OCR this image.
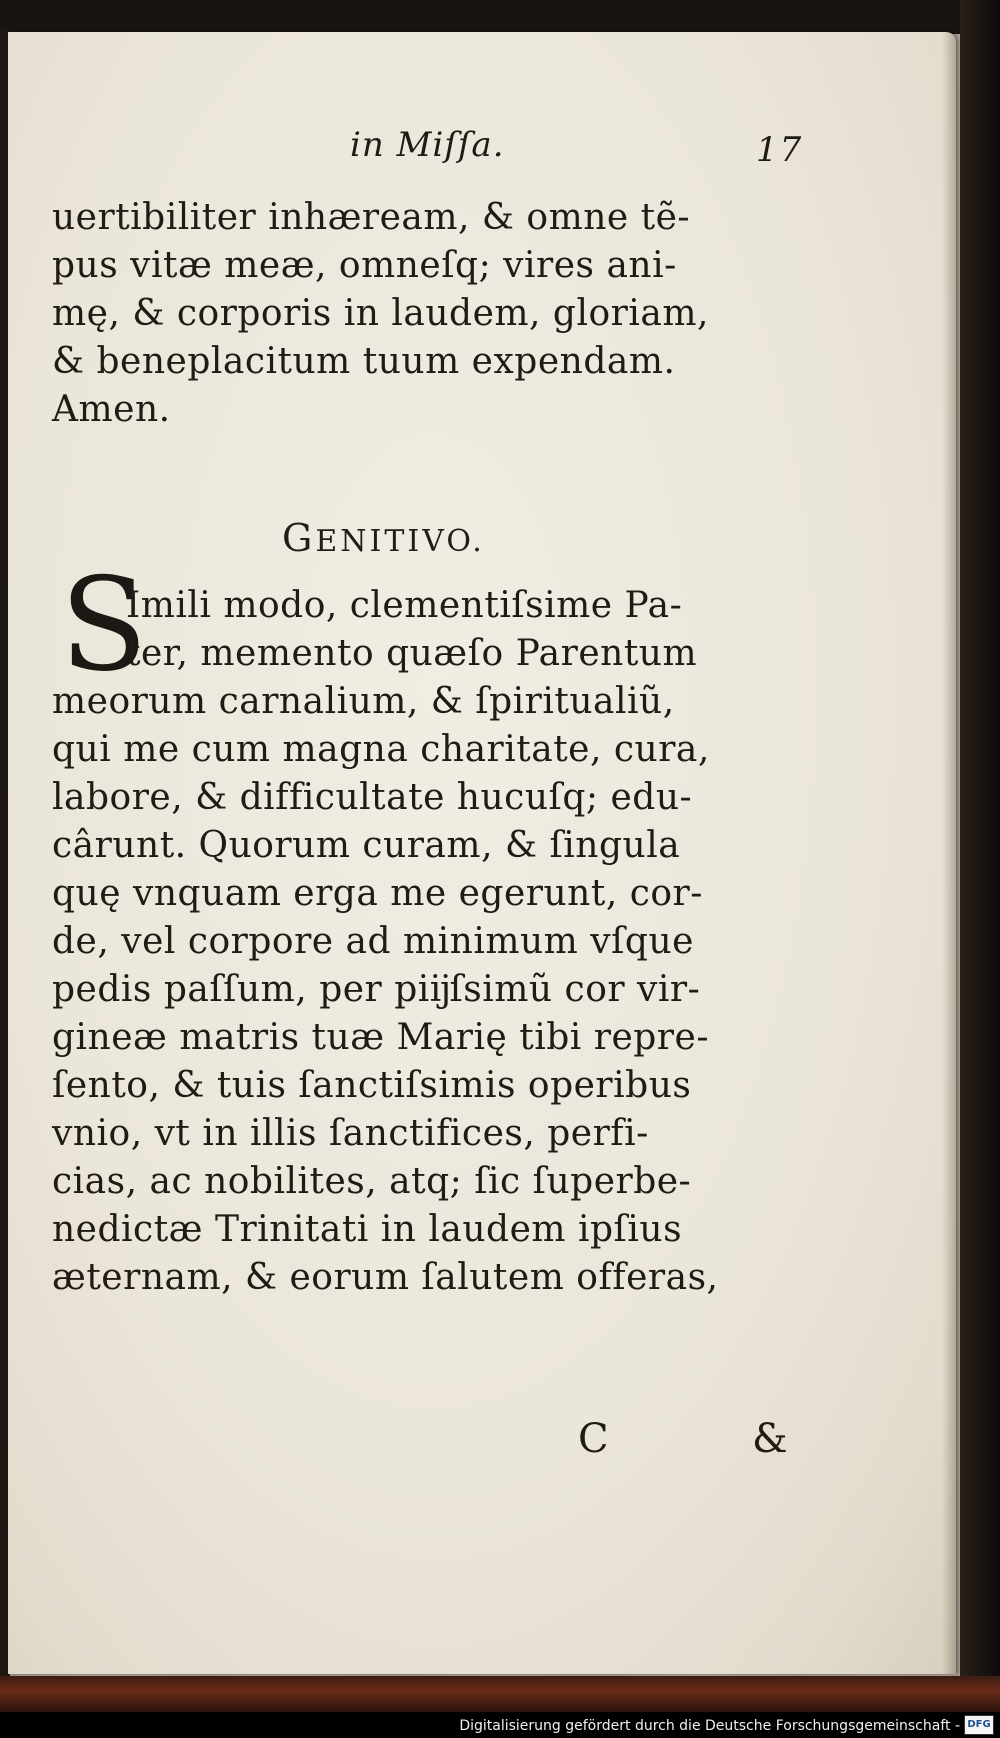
in Miſſa.	17
uertibiliter inhæream, & omne tẽ-
pus vitæ meæ, omneſq; vires ani-
mę, & corporis in laudem, gloriam,
& beneplacitum tuum expendam.
Amen.
GENITIVO.
S
Imili modo, clementiſsime Pa-
ter, memento quæſo Parentum
meorum carnalium, & ſpiritualiũ,
qui me cum magna charitate, cura,
labore, & difficultate hucuſq; edu-
cârunt. Quorum curam, & ſingula
quę vnquam erga me egerunt, cor-
de, vel corpore ad minimum vſque
pedis paſſum, per piĳſsimũ cor vir-
gineæ matris tuæ Marię tibi repre-
ſento, & tuis ſanctiſsimis operibus
vnio, vt in illis ſanctifices, perfi-
cias, ac nobilites, atq; ſic ſuperbe-
nedictæ Trinitati in laudem ipſius
æternam, & eorum ſalutem offeras,
C	&
Digitalisierung gefördert durch die Deutsche Forschungsgemeinschaft - DFG
